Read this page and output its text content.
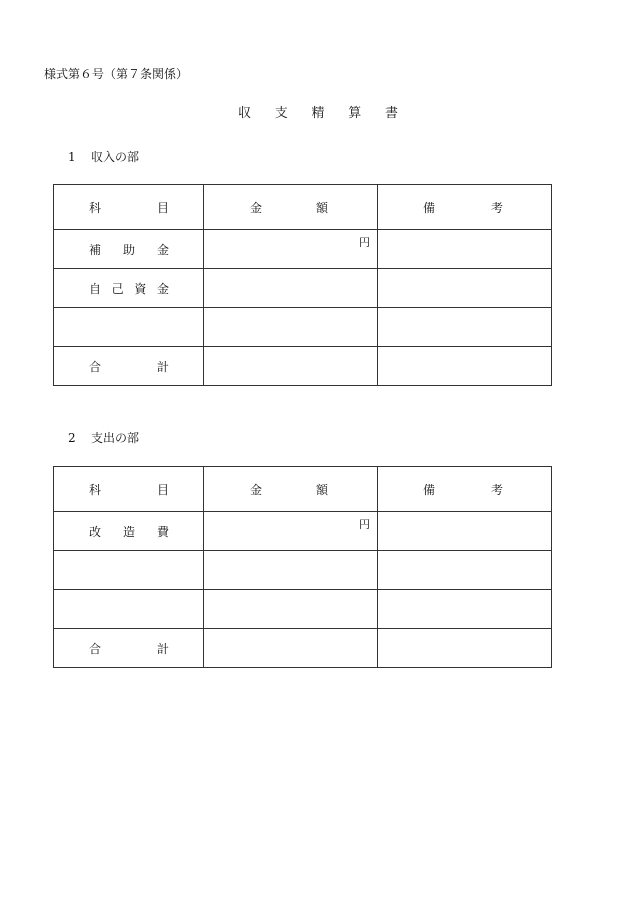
様式第６号（第７条関係）
収 支 精 算 書
1 収入の部
科 目	金 額	備 考

補 助 金	円	

自 己 資 金		

合 計		

2 支出の部
科 目	金 額	備 考

改 造 費	円	

合 計		
